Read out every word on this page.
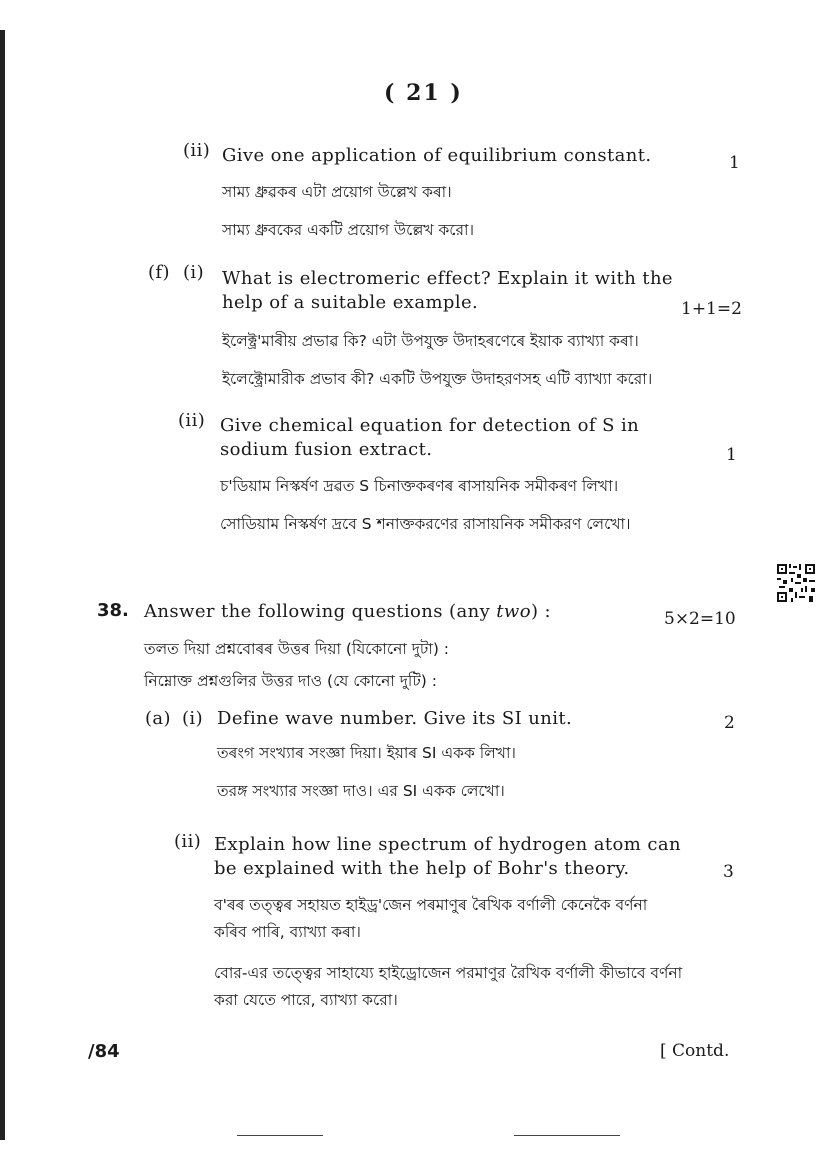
( 21 )
(ii) Give one application of equilibrium constant.	1
সাম্য ধ্ৰুৱকৰ এটা প্ৰয়োগ উল্লেখ কৰা।
সাম্য ধ্রুবকের একটি প্রয়োগ উল্লেখ করো।
(f) (i) What is electromeric effect? Explain it with the
help of a suitable example.	1+1=2
ইলেক্ট্ৰ'মাৰীয় প্ৰভাৱ কি? এটা উপযুক্ত উদাহৰণেৰে ইয়াক ব্যাখ্যা কৰা।
ইলেক্ট্রোমারীক প্রভাব কী? একটি উপযুক্ত উদাহরণসহ এটি ব্যাখ্যা করো।
(ii) Give chemical equation for detection of S in
sodium fusion extract.	1
চ'ডিয়াম নিস্কৰ্ষণ দ্ৰৱত S চিনাক্তকৰণৰ ৰাসায়নিক সমীকৰণ লিখা।
সোডিয়াম নিস্কর্ষণ দ্রবে S শনাক্তকরণের রাসায়নিক সমীকরণ লেখো।
38. Answer the following questions (any two) :	5×2=10
তলত দিয়া প্ৰশ্নবোৰৰ উত্তৰ দিয়া (যিকোনো দুটা) :
নিম্নোক্ত প্রশ্নগুলির উত্তর দাও (যে কোনো দুটি) :
(a) (i) Define wave number. Give its SI unit.	2
তৰংগ সংখ্যাৰ সংজ্ঞা দিয়া। ইয়াৰ SI একক লিখা।
তরঙ্গ সংখ্যার সংজ্ঞা দাও। এর SI একক লেখো।
(ii) Explain how line spectrum of hydrogen atom can
be explained with the help of Bohr's theory.	3
ব'ৰৰ তত্ত্বৰ সহায়ত হাইড্ৰ'জেন পৰমাণুৰ ৰৈখিক বৰ্ণালী কেনেকৈ বৰ্ণনা
কৰিব পাৰি, ব্যাখ্যা কৰা।
বোর-এর তত্ত্বের সাহায্যে হাইড্রোজেন পরমাণুর রৈখিক বর্ণালী কীভাবে বর্ণনা
করা যেতে পারে, ব্যাখ্যা করো।
/84	[ Contd.
